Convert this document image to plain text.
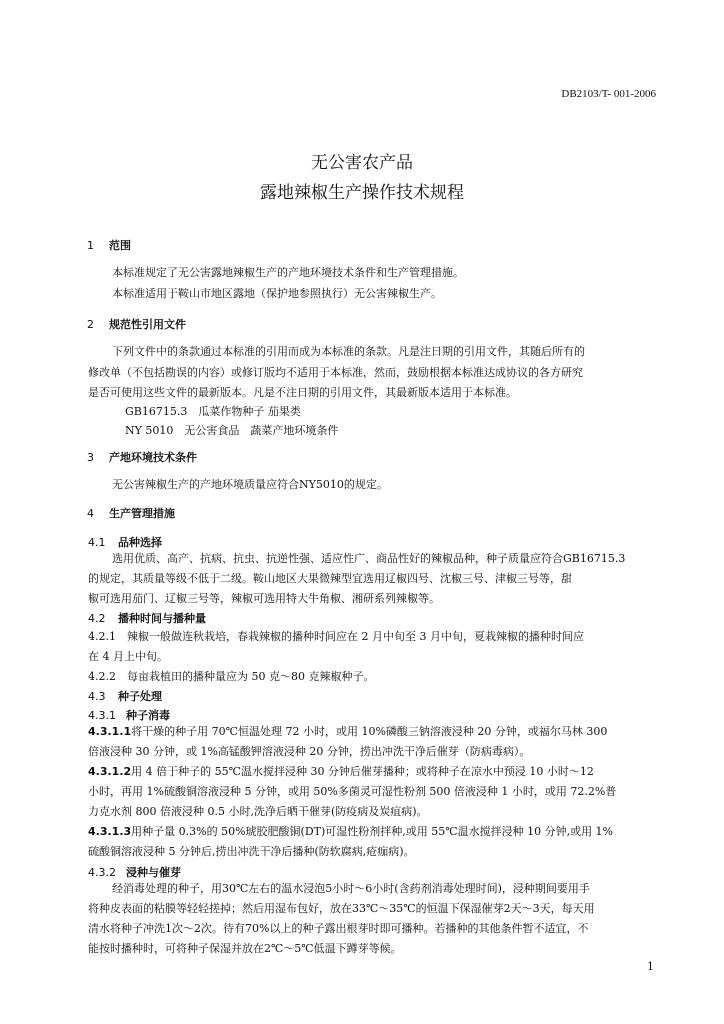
DB2103/T- 001-2006
无公害农产品
露地辣椒生产操作技术规程
1 范围
本标准规定了无公害露地辣椒生产的产地环境技术条件和生产管理措施。
本标准适用于鞍山市地区露地（保护地参照执行）无公害辣椒生产。
2 规范性引用文件
下列文件中的条款通过本标准的引用而成为本标准的条款。凡是注日期的引用文件，其随后所有的
修改单（不包括勘误的内容）或修订版均不适用于本标准，然而，鼓励根据本标准达成协议的各方研究
是否可使用这些文件的最新版本。凡是不注日期的引用文件，其最新版本适用于本标准。
GB16715.3　瓜菜作物种子 茄果类
NY 5010　无公害食品　蔬菜产地环境条件
3 产地环境技术条件
无公害辣椒生产的产地环境质量应符合NY5010的规定。
4 生产管理措施
4.1 品种选择
选用优质、高产、抗病、抗虫、抗逆性强、适应性广、商品性好的辣椒品种，种子质量应符合GB16715.3
的规定，其质量等级不低于二级。鞍山地区大果微辣型宜选用辽椒四号、沈椒三号、津椒三号等，甜
椒可选用茄门、辽椒三号等，辣椒可选用特大牛角椒、湘研系列辣椒等。
4.2 播种时间与播种量
4.2.1　 辣椒一般做连秋栽培，春栽辣椒的播种时间应在 2 月中旬至 3 月中旬，夏栽辣椒的播种时间应
在 4 月上中旬。
4.2.2　 每亩栽植田的播种量应为 50 克～80 克辣椒种子。
4.3 种子处理
4.3.1 种子消毒
4.3.1.1将干燥的种子用 70℃恒温处理 72 小时，或用 10%磷酸三钠溶液浸种 20 分钟，或福尔马林 300
倍液浸种 30 分钟，或 1%高锰酸钾溶液浸种 20 分钟，捞出冲洗干净后催芽（防病毒病）。
4.3.1.2用 4 倍于种子的 55℃温水搅拌浸种 30 分钟后催芽播种；或将种子在凉水中预浸 10 小时～12
小时，再用 1%硫酸铜溶液浸种 5 分钟，或用 50%多菌灵可湿性粉剂 500 倍液浸种 1 小时，或用 72.2%普
力克水剂 800 倍液浸种 0.5 小时,洗净后晒干催芽(防疫病及炭疽病)。
4.3.1.3用种子量 0.3%的 50%琥胶肥酸铜(DT)可湿性粉剂拌种,或用 55℃温水搅拌浸种 10 分钟,或用 1%
硫酸铜溶液浸种 5 分钟后,捞出冲洗干净后播种(防软腐病,疮痂病)。
4.3.2 浸种与催芽
经消毒处理的种子，用30℃左右的温水浸泡5小时～6小时(含药剂消毒处理时间)，浸种期间要用手
将种皮表面的粘膜等轻轻搓掉；然后用湿布包好，放在33℃～35℃的恒温下保湿催芽2天～3天，每天用
清水将种子冲洗1次～2次。待有70%以上的种子露出根芽时即可播种。若播种的其他条件暂不适宜，不
能按时播种时，可将种子保湿并放在2℃～5℃低温下蹲芽等候。
1
